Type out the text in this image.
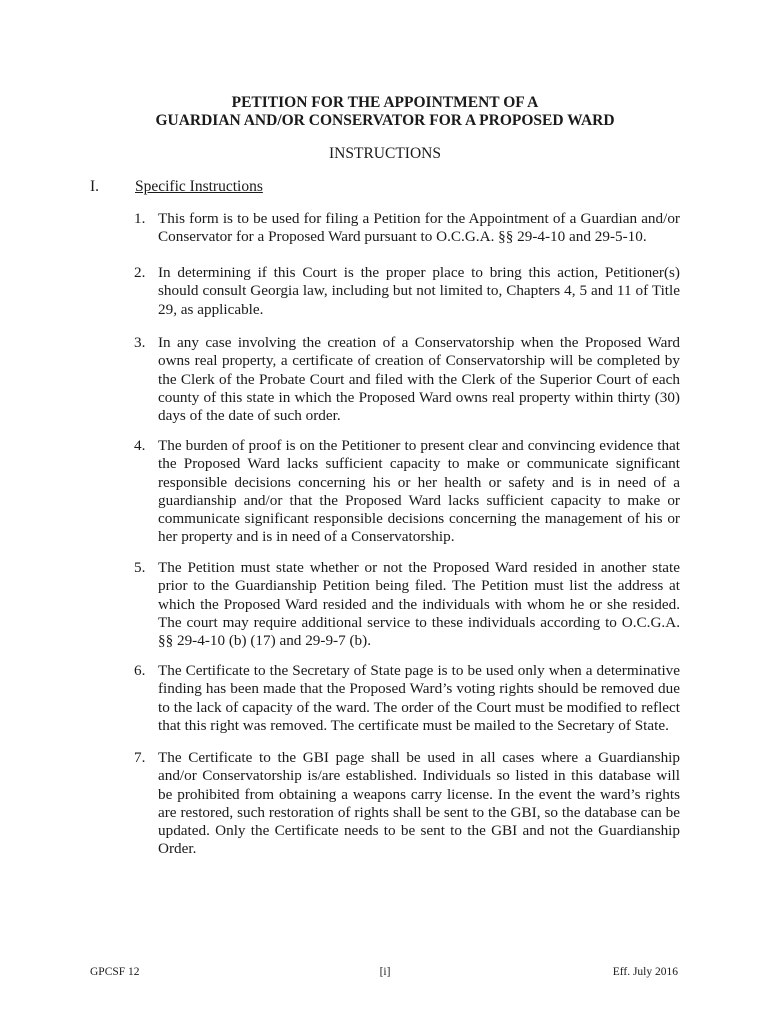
PETITION FOR THE APPOINTMENT OF A
GUARDIAN AND/OR CONSERVATOR FOR A PROPOSED WARD
INSTRUCTIONS
I. Specific Instructions
1. This form is to be used for filing a Petition for the Appointment of a Guardian and/or Conservator for a Proposed Ward pursuant to O.C.G.A. §§ 29-4-10 and 29-5-10.
2. In determining if this Court is the proper place to bring this action, Petitioner(s) should consult Georgia law, including but not limited to, Chapters 4, 5 and 11 of Title 29, as applicable.
3. In any case involving the creation of a Conservatorship when the Proposed Ward owns real property, a certificate of creation of Conservatorship will be completed by the Clerk of the Probate Court and filed with the Clerk of the Superior Court of each county of this state in which the Proposed Ward owns real property within thirty (30) days of the date of such order.
4. The burden of proof is on the Petitioner to present clear and convincing evidence that the Proposed Ward lacks sufficient capacity to make or communicate significant responsible decisions concerning his or her health or safety and is in need of a guardianship and/or that the Proposed Ward lacks sufficient capacity to make or communicate significant responsible decisions concerning the management of his or her property and is in need of a Conservatorship.
5. The Petition must state whether or not the Proposed Ward resided in another state prior to the Guardianship Petition being filed. The Petition must list the address at which the Proposed Ward resided and the individuals with whom he or she resided. The court may require additional service to these individuals according to O.C.G.A. §§ 29-4-10 (b) (17) and 29-9-7 (b).
6. The Certificate to the Secretary of State page is to be used only when a determinative finding has been made that the Proposed Ward’s voting rights should be removed due to the lack of capacity of the ward. The order of the Court must be modified to reflect that this right was removed. The certificate must be mailed to the Secretary of State.
7. The Certificate to the GBI page shall be used in all cases where a Guardianship and/or Conservatorship is/are established. Individuals so listed in this database will be prohibited from obtaining a weapons carry license. In the event the ward’s rights are restored, such restoration of rights shall be sent to the GBI, so the database can be updated. Only the Certificate needs to be sent to the GBI and not the Guardianship Order.
GPCSF 12	[i]	Eff. July 2016
